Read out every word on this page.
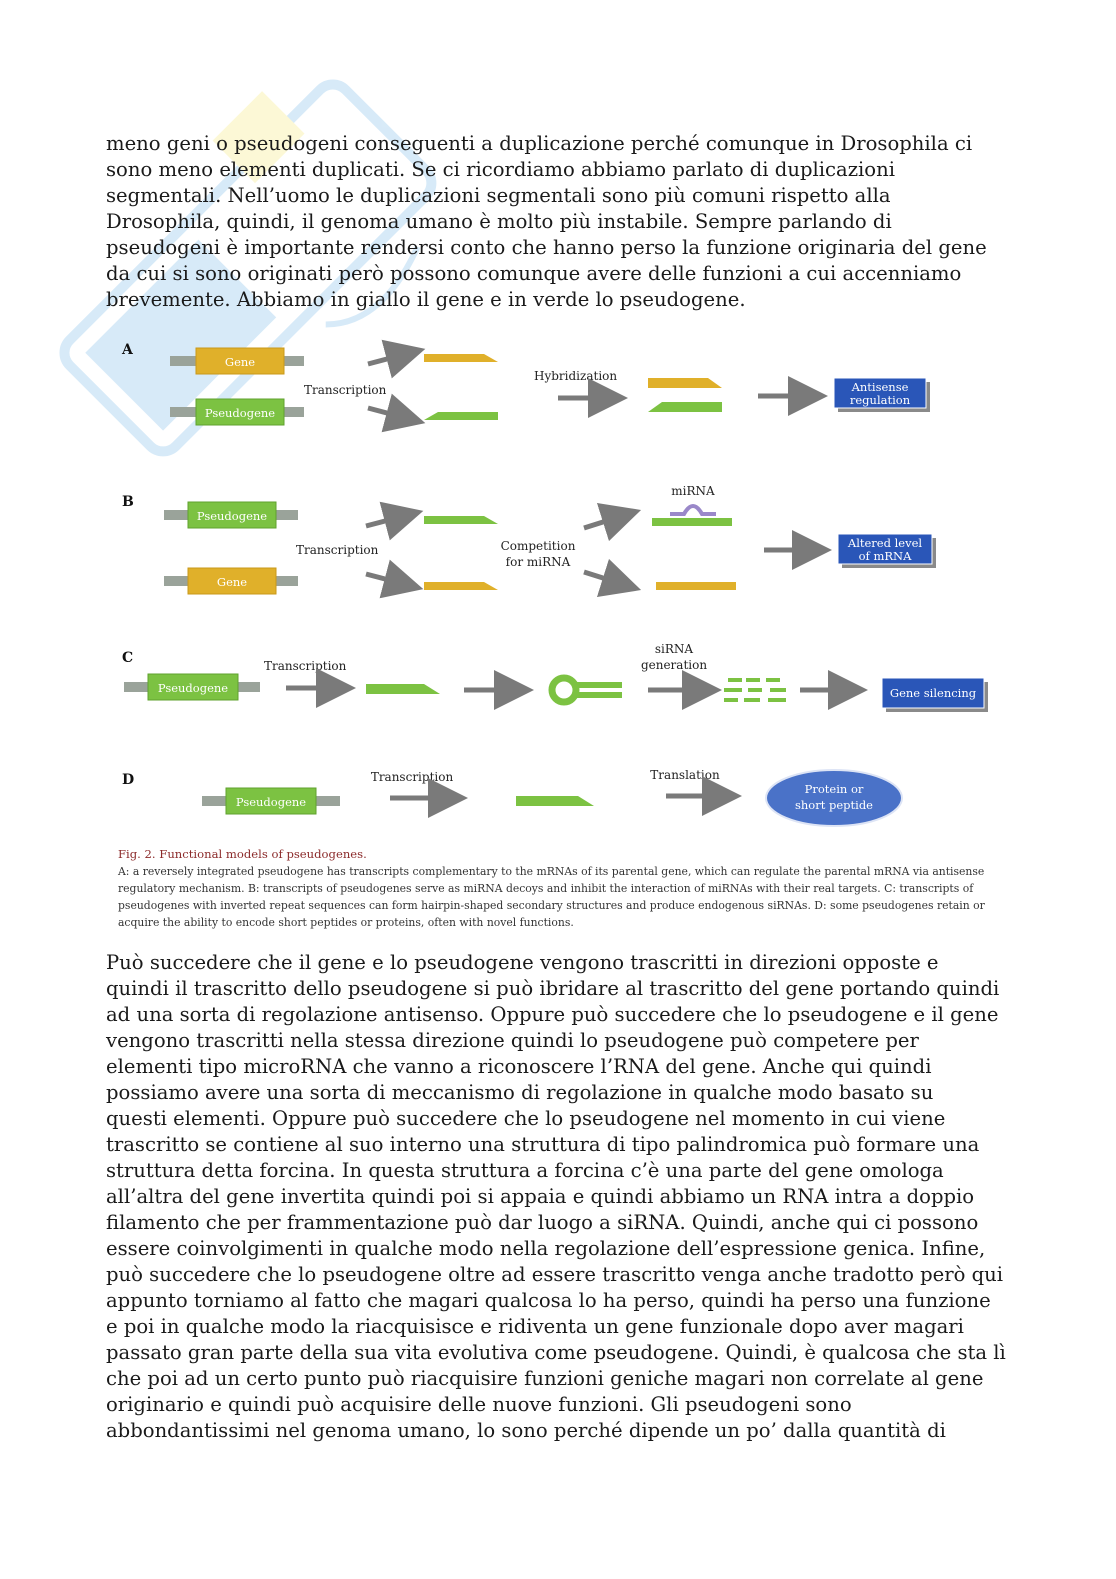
meno geni o pseudogeni conseguenti a duplicazione perché comunque in Drosophila ci
sono meno elementi duplicati. Se ci ricordiamo abbiamo parlato di duplicazioni
segmentali. Nell’uomo le duplicazioni segmentali sono più comuni rispetto alla
Drosophila, quindi, il genoma umano è molto più instabile. Sempre parlando di
pseudogeni è importante rendersi conto che hanno perso la funzione originaria del gene
da cui si sono originati però possono comunque avere delle funzioni a cui accenniamo
brevemente. Abbiamo in giallo il gene e in verde lo pseudogene.

A
Gene
Pseudogene
Transcription
Hybridization
Antisense
regulation
B
Pseudogene
Gene
Transcription	Competition
for miRNA
miRNA
Altered level
of mRNA
C
Pseudogene
Transcription
siRNA
generation
Gene silencing
D
Pseudogene
Transcription	Translation
Protein or
short peptide
Fig. 2. Functional models of pseudogenes.
A: a reversely integrated pseudogene has transcripts complementary to the mRNAs of its parental gene, which can regulate the parental mRNA via antisense
regulatory mechanism. B: transcripts of pseudogenes serve as miRNA decoys and inhibit the interaction of miRNAs with their real targets. C: transcripts of
pseudogenes with inverted repeat sequences can form hairpin-shaped secondary structures and produce endogenous siRNAs. D: some pseudogenes retain or
acquire the ability to encode short peptides or proteins, often with novel functions.

Può succedere che il gene e lo pseudogene vengono trascritti in direzioni opposte e
quindi il trascritto dello pseudogene si può ibridare al trascritto del gene portando quindi
ad una sorta di regolazione antisenso. Oppure può succedere che lo pseudogene e il gene
vengono trascritti nella stessa direzione quindi lo pseudogene può competere per
elementi tipo microRNA che vanno a riconoscere l’RNA del gene. Anche qui quindi
possiamo avere una sorta di meccanismo di regolazione in qualche modo basato su
questi elementi. Oppure può succedere che lo pseudogene nel momento in cui viene
trascritto se contiene al suo interno una struttura di tipo palindromica può formare una
struttura detta forcina. In questa struttura a forcina c’è una parte del gene omologa
all’altra del gene invertita quindi poi si appaia e quindi abbiamo un RNA intra a doppio
filamento che per frammentazione può dar luogo a siRNA. Quindi, anche qui ci possono
essere coinvolgimenti in qualche modo nella regolazione dell’espressione genica. Infine,
può succedere che lo pseudogene oltre ad essere trascritto venga anche tradotto però qui
appunto torniamo al fatto che magari qualcosa lo ha perso, quindi ha perso una funzione
e poi in qualche modo la riacquisisce e ridiventa un gene funzionale dopo aver magari
passato gran parte della sua vita evolutiva come pseudogene. Quindi, è qualcosa che sta lì
che poi ad un certo punto può riacquisire funzioni geniche magari non correlate al gene
originario e quindi può acquisire delle nuove funzioni. Gli pseudogeni sono
abbondantissimi nel genoma umano, lo sono perché dipende un po’ dalla quantità di
